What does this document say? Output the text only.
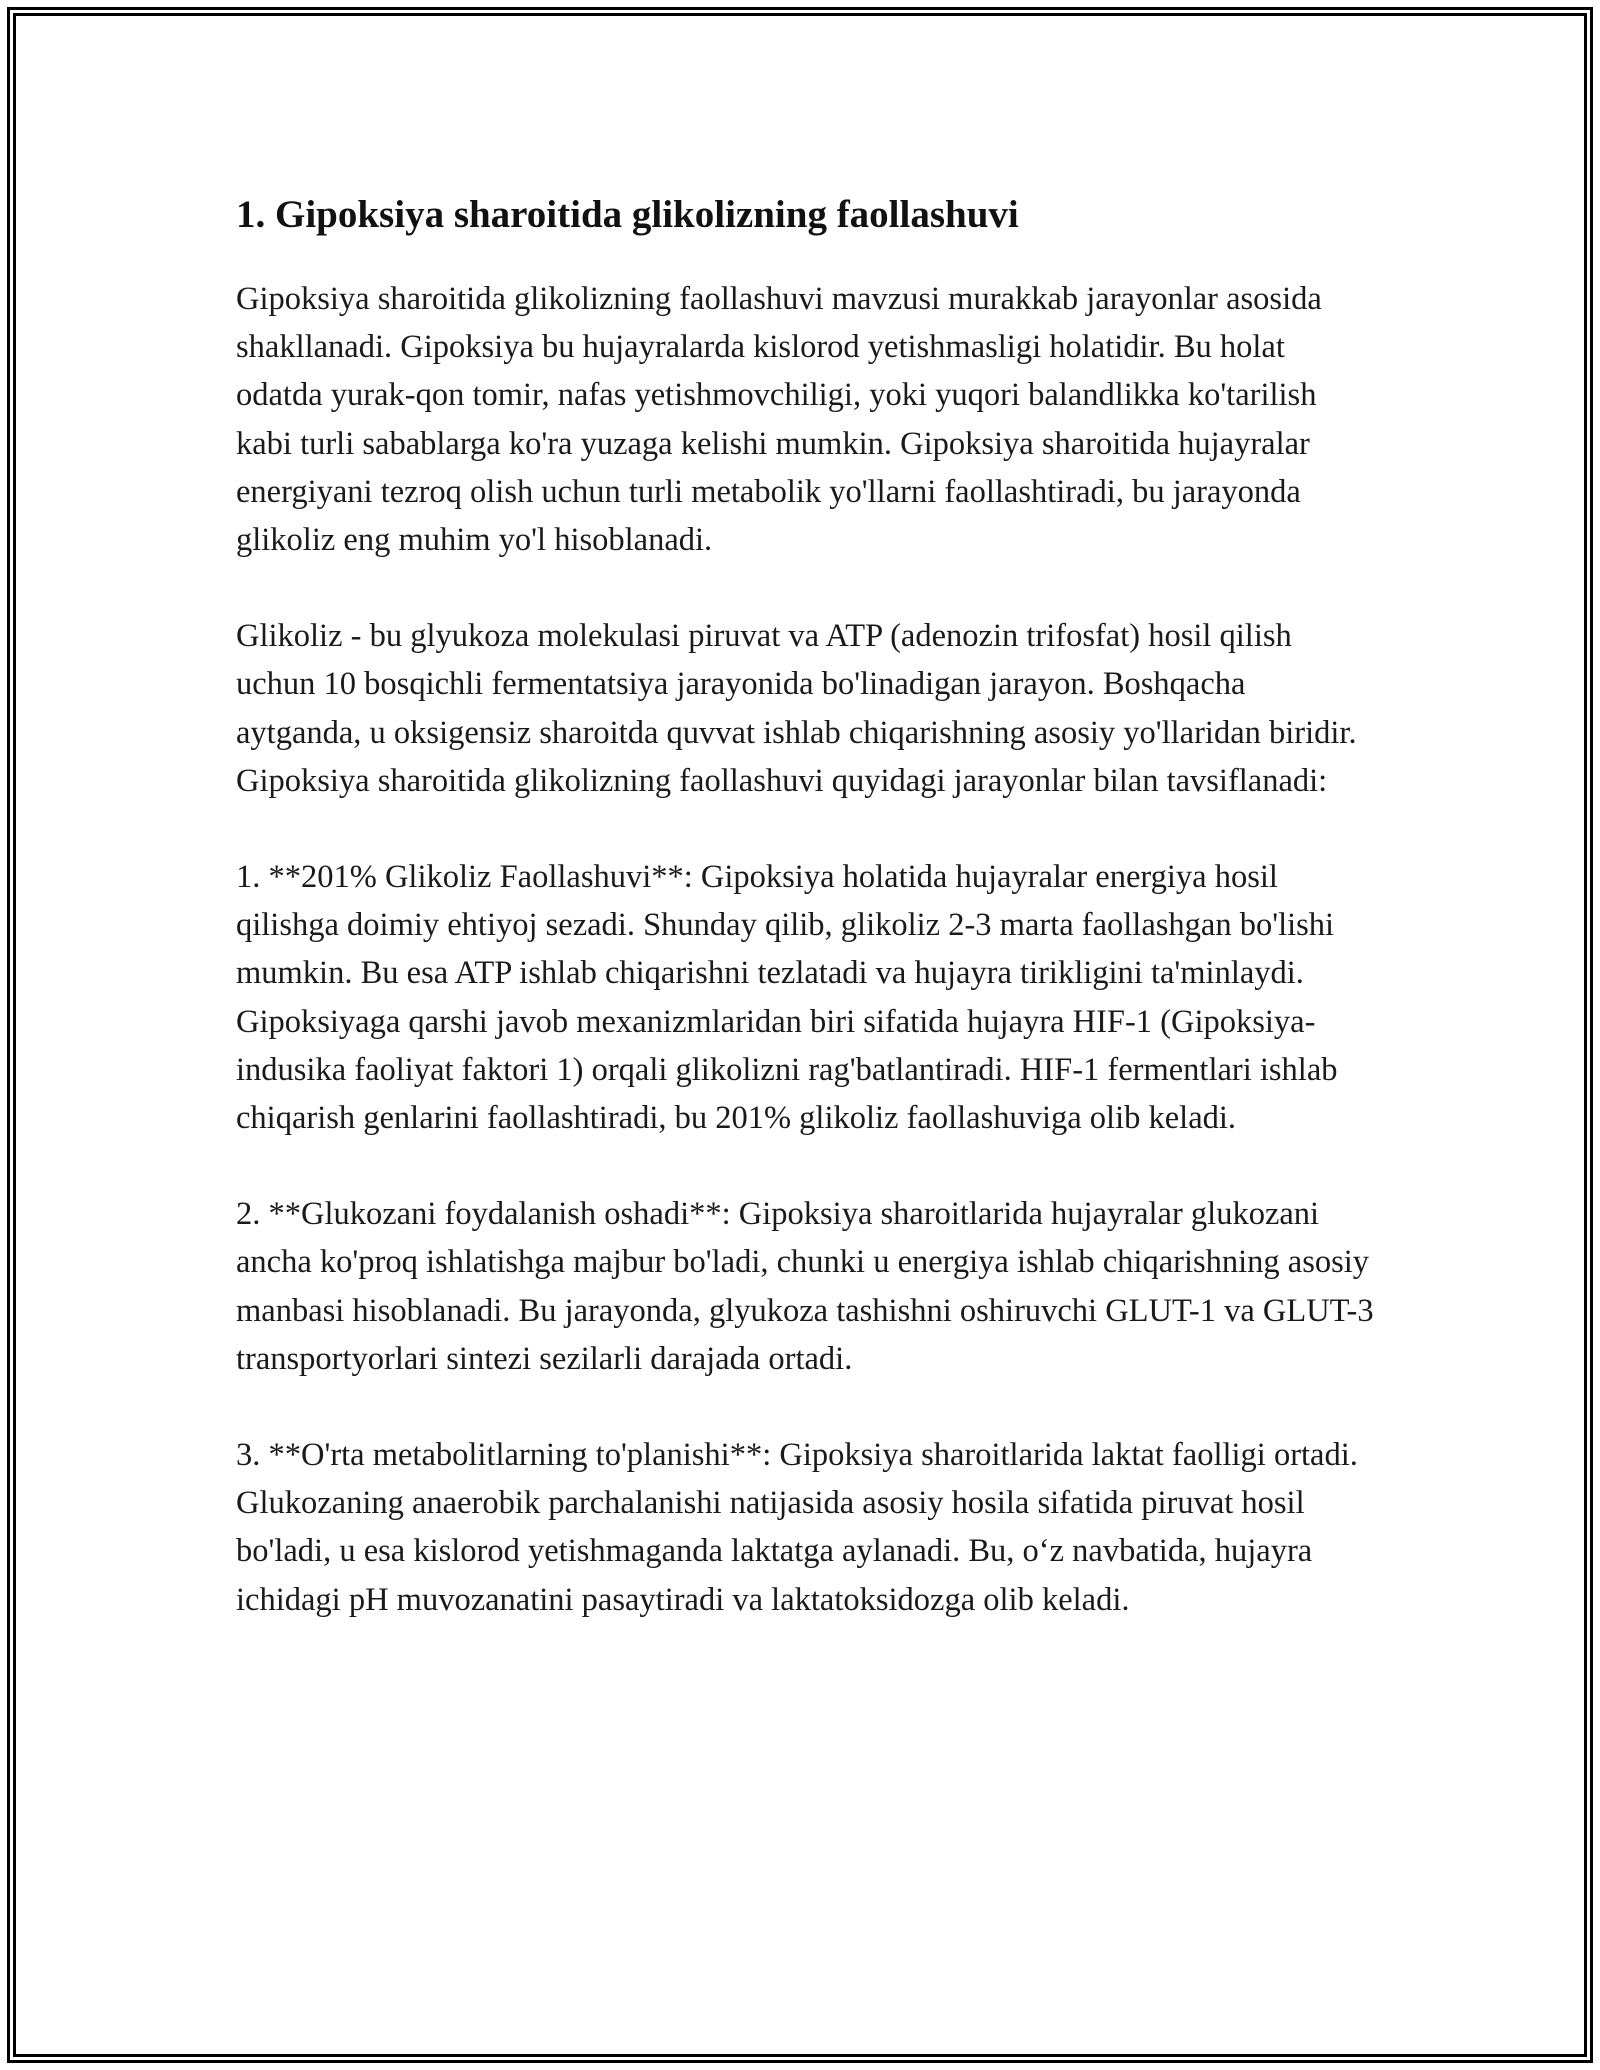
1. Gipoksiya sharoitida glikolizning faollashuvi

Gipoksiya sharoitida glikolizning faollashuvi mavzusi murakkab jarayonlar asosida shakllanadi. Gipoksiya bu hujayralarda kislorod yetishmasligi holatidir. Bu holat odatda yurak-qon tomir, nafas yetishmovchiligi, yoki yuqori balandlikka ko'tarilish kabi turli sabablarga ko'ra yuzaga kelishi mumkin. Gipoksiya sharoitida hujayralar energiyani tezroq olish uchun turli metabolik yo'llarni faollashtiradi, bu jarayonda glikoliz eng muhim yo'l hisoblanadi.

Glikoliz - bu glyukoza molekulasi piruvat va ATP (adenozin trifosfat) hosil qilish uchun 10 bosqichli fermentatsiya jarayonida bo'linadigan jarayon. Boshqacha aytganda, u oksigensiz sharoitda quvvat ishlab chiqarishning asosiy yo'llaridan biridir. Gipoksiya sharoitida glikolizning faollashuvi quyidagi jarayonlar bilan tavsiflanadi:

1. **201% Glikoliz Faollashuvi**: Gipoksiya holatida hujayralar energiya hosil qilishga doimiy ehtiyoj sezadi. Shunday qilib, glikoliz 2-3 marta faollashgan bo'lishi mumkin. Bu esa ATP ishlab chiqarishni tezlatadi va hujayra tirikligini ta'minlaydi. Gipoksiyaga qarshi javob mexanizmlaridan biri sifatida hujayra HIF-1 (Gipoksiya-indusika faoliyat faktori 1) orqali glikolizni rag'batlantiradi. HIF-1 fermentlari ishlab chiqarish genlarini faollashtiradi, bu 201% glikoliz faollashuviga olib keladi.

2. **Glukozani foydalanish oshadi**: Gipoksiya sharoitlarida hujayralar glukozani ancha ko'proq ishlatishga majbur bo'ladi, chunki u energiya ishlab chiqarishning asosiy manbasi hisoblanadi. Bu jarayonda, glyukoza tashishni oshiruvchi GLUT-1 va GLUT-3 transportyorlari sintezi sezilarli darajada ortadi.

3. **O'rta metabolitlarning to'planishi**: Gipoksiya sharoitlarida laktat faolligi ortadi. Glukozaning anaerobik parchalanishi natijasida asosiy hosila sifatida piruvat hosil bo'ladi, u esa kislorod yetishmaganda laktatga aylanadi. Bu, o‘z navbatida, hujayra ichidagi pH muvozanatini pasaytiradi va laktatoksidozga olib keladi.
